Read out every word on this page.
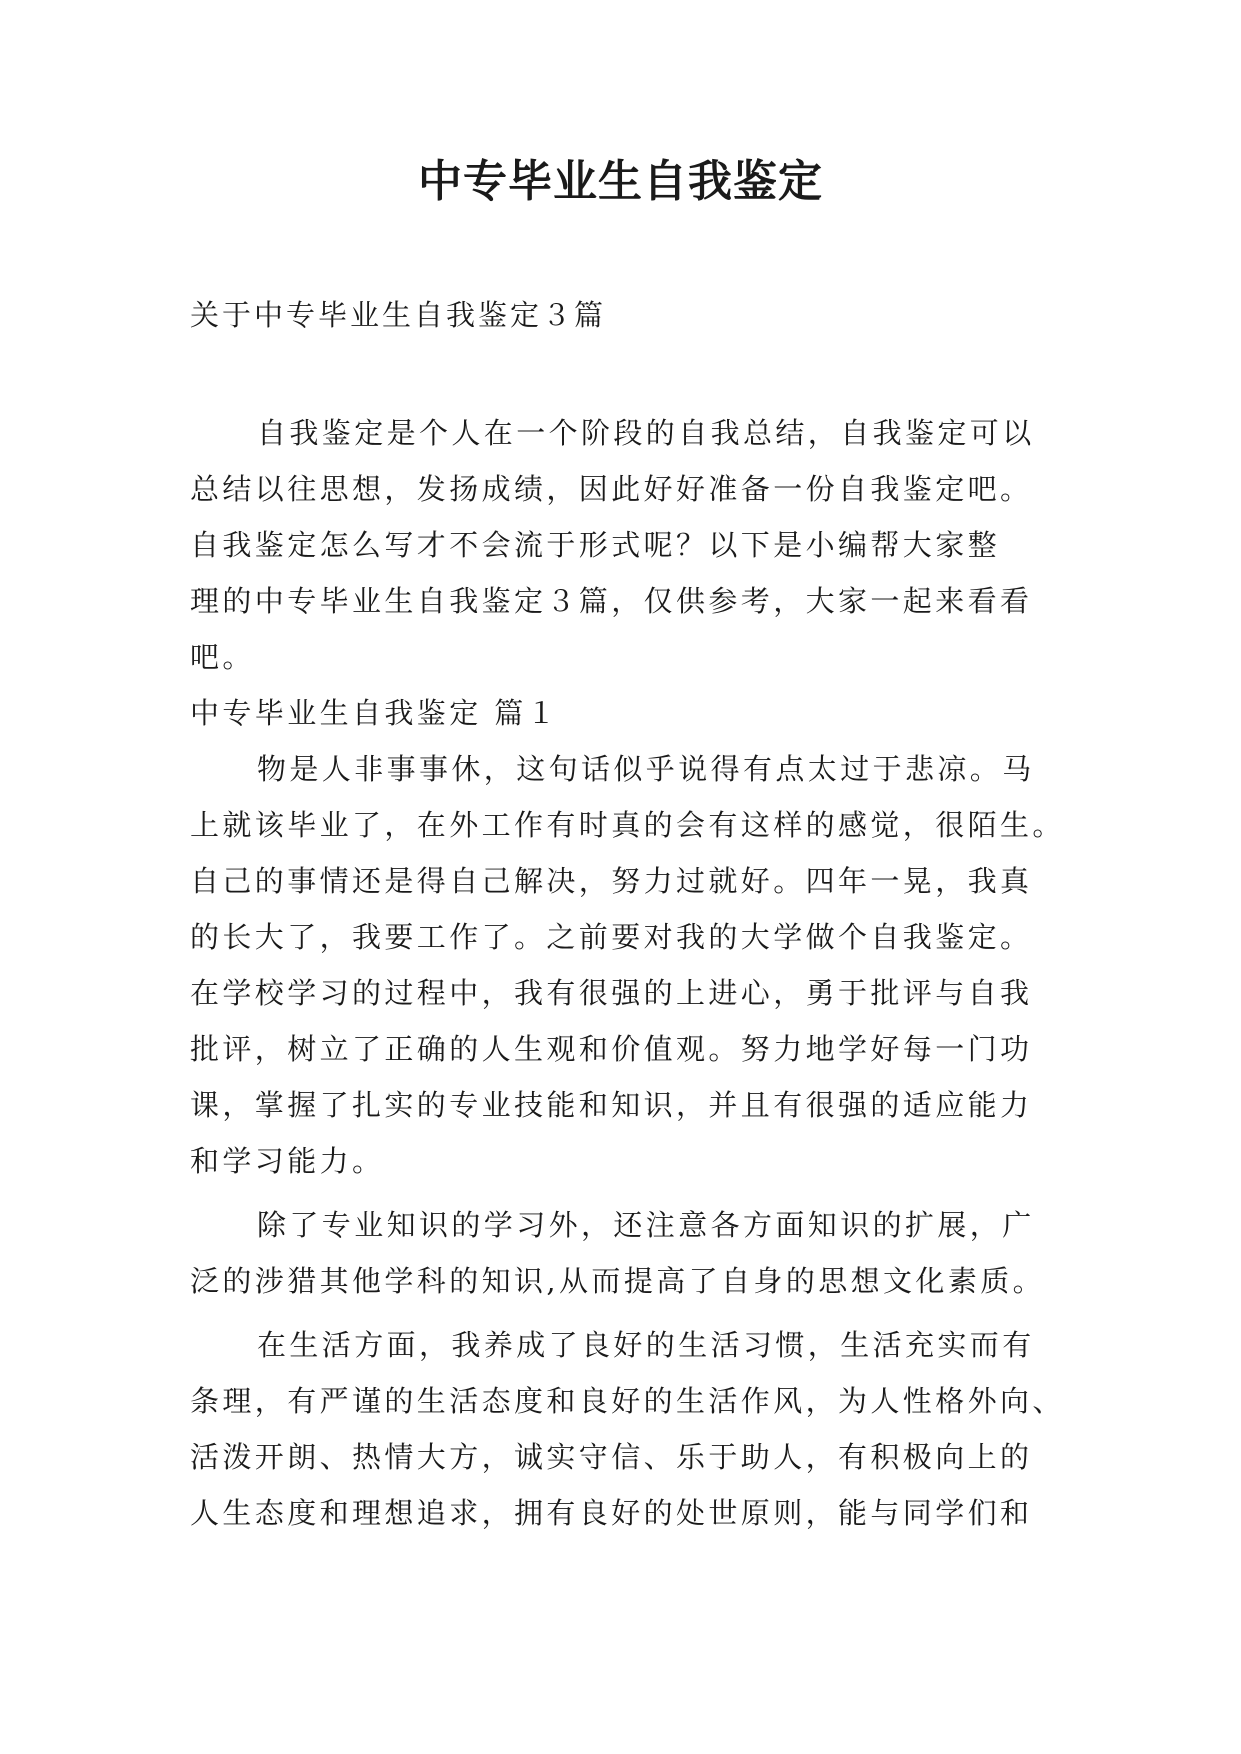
中专毕业生自我鉴定

关于中专毕业生自我鉴定３篇

自我鉴定是个人在一个阶段的自我总结，自我鉴定可以

总结以往思想，发扬成绩，因此好好准备一份自我鉴定吧。

自我鉴定怎么写才不会流于形式呢？以下是小编帮大家整

理的中专毕业生自我鉴定３篇，仅供参考，大家一起来看看

吧。

中专毕业生自我鉴定 篇１

物是人非事事休，这句话似乎说得有点太过于悲凉。马

上就该毕业了，在外工作有时真的会有这样的感觉，很陌生。

自己的事情还是得自己解决，努力过就好。四年一晃，我真

的长大了，我要工作了。之前要对我的大学做个自我鉴定。

在学校学习的过程中，我有很强的上进心，勇于批评与自我

批评，树立了正确的人生观和价值观。努力地学好每一门功

课，掌握了扎实的专业技能和知识，并且有很强的适应能力

和学习能力。

除了专业知识的学习外，还注意各方面知识的扩展，广

泛的涉猎其他学科的知识,从而提高了自身的思想文化素质。

在生活方面，我养成了良好的生活习惯，生活充实而有

条理，有严谨的生活态度和良好的生活作风，为人性格外向、

活泼开朗、热情大方，诚实守信、乐于助人，有积极向上的

人生态度和理想追求，拥有良好的处世原则，能与同学们和
